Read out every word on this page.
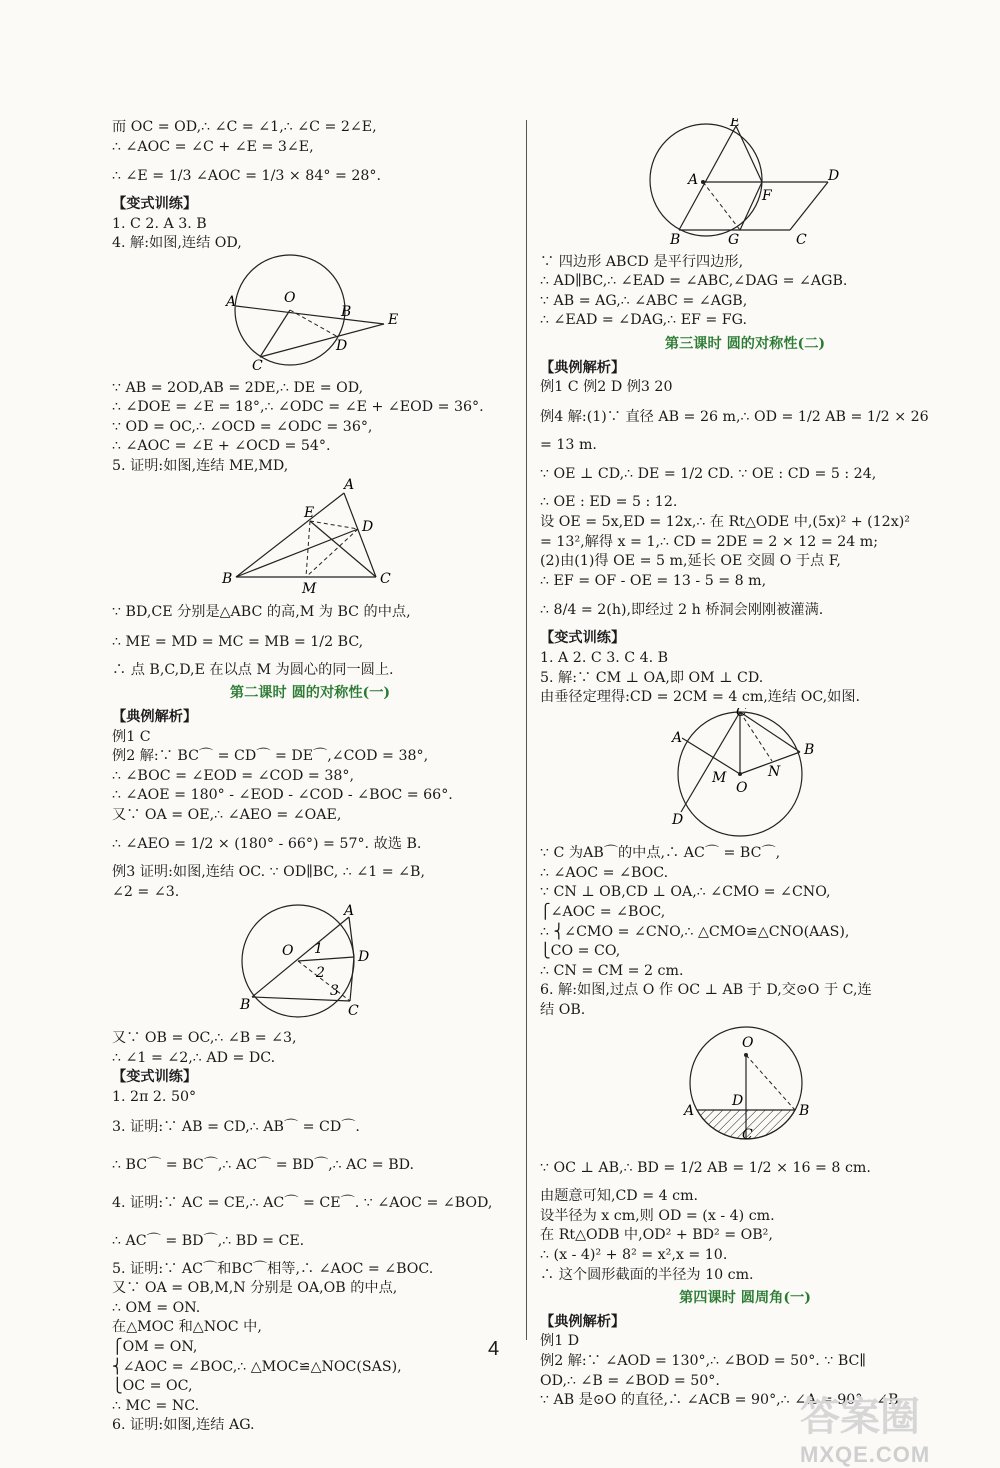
而 OC = OD,∴ ∠C = ∠1,∴ ∠C = 2∠E,
∴ ∠AOC = ∠C + ∠E = 3∠E,
∴ ∠E = 1/3 ∠AOC = 1/3 × 84° = 28°.
【变式训练】
1. C 2. A 3. B
4. 解:如图,连结 OD,
A	O
B	E
D
C
∵ AB = 2OD,AB = 2DE,∴ DE = OD,
∴ ∠DOE = ∠E = 18°,∴ ∠ODC = ∠E + ∠EOD = 36°.
∵ OD = OC,∴ ∠OCD = ∠ODC = 36°,
∴ ∠AOC = ∠E + ∠OCD = 54°.
5. 证明:如图,连结 ME,MD,
A
E
D
B
M
C
∵ BD,CE 分别是△ABC 的高,M 为 BC 的中点,
∴ ME = MD = MC = MB = 1/2 BC,
∴ 点 B,C,D,E 在以点 M 为圆心的同一圆上.
第二课时 圆的对称性(一)
【典例解析】
例1 C
例2 解:∵ BC⌒ = CD⌒ = DE⌒,∠COD = 38°,
∴ ∠BOC = ∠EOD = ∠COD = 38°,
∴ ∠AOE = 180° - ∠EOD - ∠COD - ∠BOC = 66°.
又∵ OA = OE,∴ ∠AEO = ∠OAE,
∴ ∠AEO = 1/2 × (180° - 66°) = 57°. 故选 B.
例3 证明:如图,连结 OC. ∵ OD∥BC, ∴ ∠1 = ∠B,
∠2 = ∠3.
O
A
D
B	C
1
2
3
又∵ OB = OC,∴ ∠B = ∠3,
∴ ∠1 = ∠2,∴ AD = DC.
【变式训练】
1. 2π 2. 50°
3. 证明:∵ AB = CD,∴ AB⌒ = CD⌒.
∴ BC⌒ = BC⌒,∴ AC⌒ = BD⌒,∴ AC = BD.
4. 证明:∵ AC = CE,∴ AC⌒ = CE⌒. ∵ ∠AOC = ∠BOD,
∴ AC⌒ = BD⌒,∴ BD = CE.
5. 证明:∵ AC⌒和BC⌒相等,∴ ∠AOC = ∠BOC.
又∵ OA = OB,M,N 分别是 OA,OB 的中点,
∴ OM = ON.
在△MOC 和△NOC 中,
⎧OM = ON,
⎨∠AOC = ∠BOC,∴ △MOC≌△NOC(SAS),
⎩OC = OC,
∴ MC = NC.
6. 证明:如图,连结 AG.
E
A
F
D
B	G	C
∵ 四边形 ABCD 是平行四边形,
∴ AD∥BC,∴ ∠EAD = ∠ABC,∠DAG = ∠AGB.
∵ AB = AG,∴ ∠ABC = ∠AGB,
∴ ∠EAD = ∠DAG,∴ EF = FG.
第三课时 圆的对称性(二)
【典例解析】
例1 C 例2 D 例3 20
例4 解:(1)∵ 直径 AB = 26 m,∴ OD = 1/2 AB = 1/2 × 26
= 13 m.
∵ OE ⊥ CD,∴ DE = 1/2 CD. ∵ OE : CD = 5 : 24,
∴ OE : ED = 5 : 12.
设 OE = 5x,ED = 12x,∴ 在 Rt△ODE 中,(5x)² + (12x)²
= 13²,解得 x = 1,∴ CD = 2DE = 2 × 12 = 24 m;
(2)由(1)得 OE = 5 m,延长 OE 交圆 O 于点 F,
∴ EF = OF - OE = 13 - 5 = 8 m,
∴ 8/4 = 2(h),即经过 2 h 桥洞会刚刚被灌满.
【变式训练】
1. A 2. C 3. C 4. B
5. 解:∵ CM ⊥ OA,即 OM ⊥ CD.
由垂径定理得:CD = 2CM = 4 cm,连结 OC,如图.
C
A
B
M	N
O
D
∵ C 为AB⌒的中点,∴ AC⌒ = BC⌒,
∴ ∠AOC = ∠BOC.
∵ CN ⊥ OB,CD ⊥ OA,∴ ∠CMO = ∠CNO,
⎧∠AOC = ∠BOC,
∴ ⎨∠CMO = ∠CNO,∴ △CMO≌△CNO(AAS),
⎩CO = CO,
∴ CN = CM = 2 cm.
6. 解:如图,过点 O 作 OC ⊥ AB 于 D,交⊙O 于 C,连
结 OB.
O
D
A	B
C
∵ OC ⊥ AB,∴ BD = 1/2 AB = 1/2 × 16 = 8 cm.
由题意可知,CD = 4 cm.
设半径为 x cm,则 OD = (x - 4) cm.
在 Rt△ODB 中,OD² + BD² = OB²,
∴ (x - 4)² + 8² = x²,x = 10.
∴ 这个圆形截面的半径为 10 cm.
第四课时 圆周角(一)
【典例解析】
例1 D
例2 解:∵ ∠AOD = 130°,∴ ∠BOD = 50°. ∵ BC∥
OD,∴ ∠B = ∠BOD = 50°.
∵ AB 是⊙O 的直径,∴ ∠ACB = 90°,∴ ∠A = 90° - ∠B
4
答案圈
MXQE.COM
